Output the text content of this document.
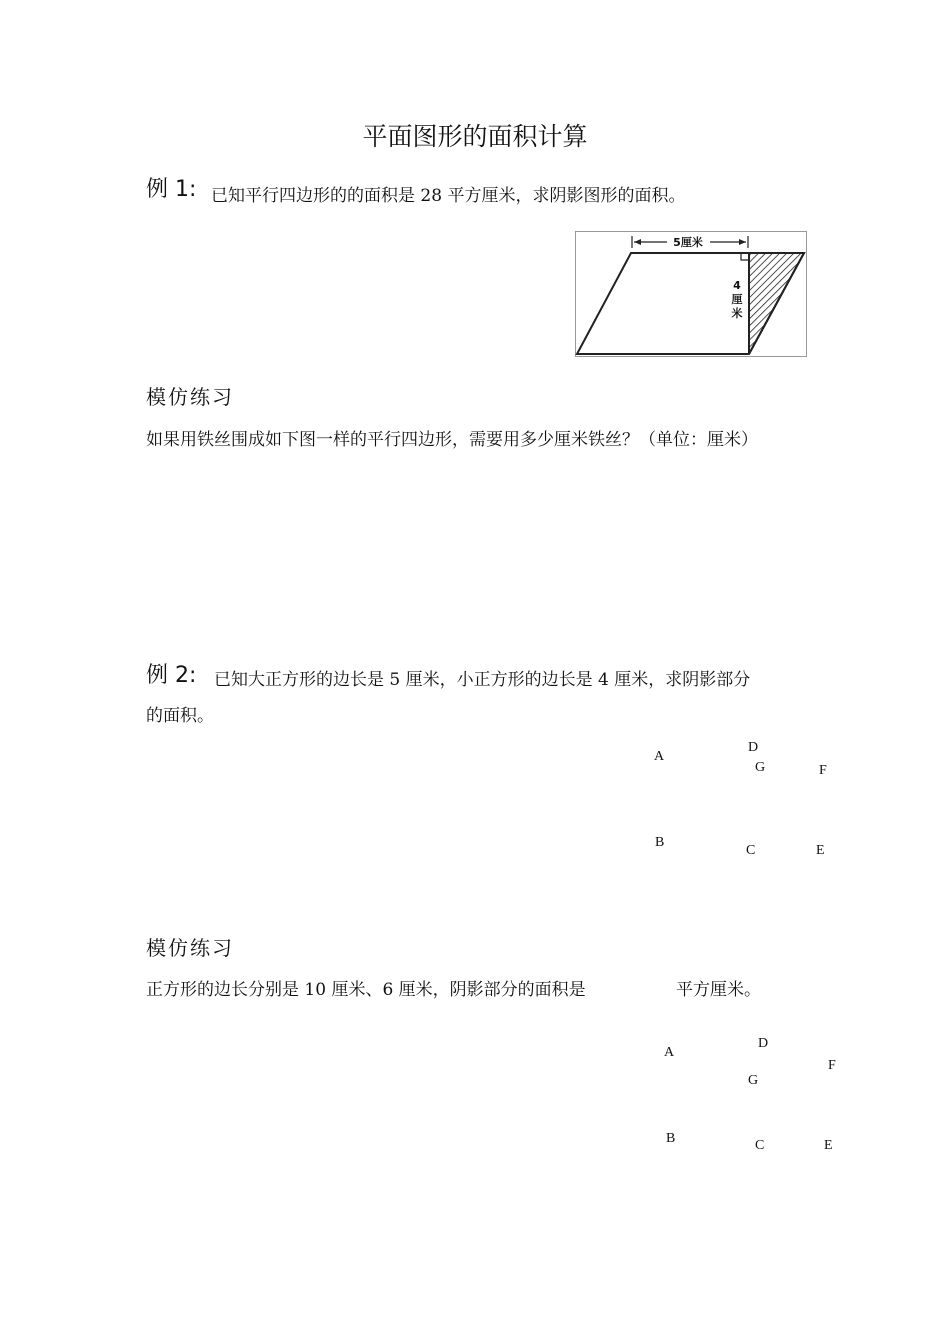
平面图形的面积计算
例 1: 已知平行四边形的的面积是 28 平方厘米，求阴影图形的面积。
5厘米
4
厘
米
模仿练习
如果用铁丝围成如下图一样的平行四边形，需要用多少厘米铁丝？（单位：厘米）
例 2: 已知大正方形的边长是 5 厘米，小正方形的边长是 4 厘米，求阴影部分
的面积。
A
D
G	F
B
C	E
模仿练习
正方形的边长分别是 10 厘米、6 厘米，阴影部分的面积是	平方厘米。
A
D
F
G
B	C	E
